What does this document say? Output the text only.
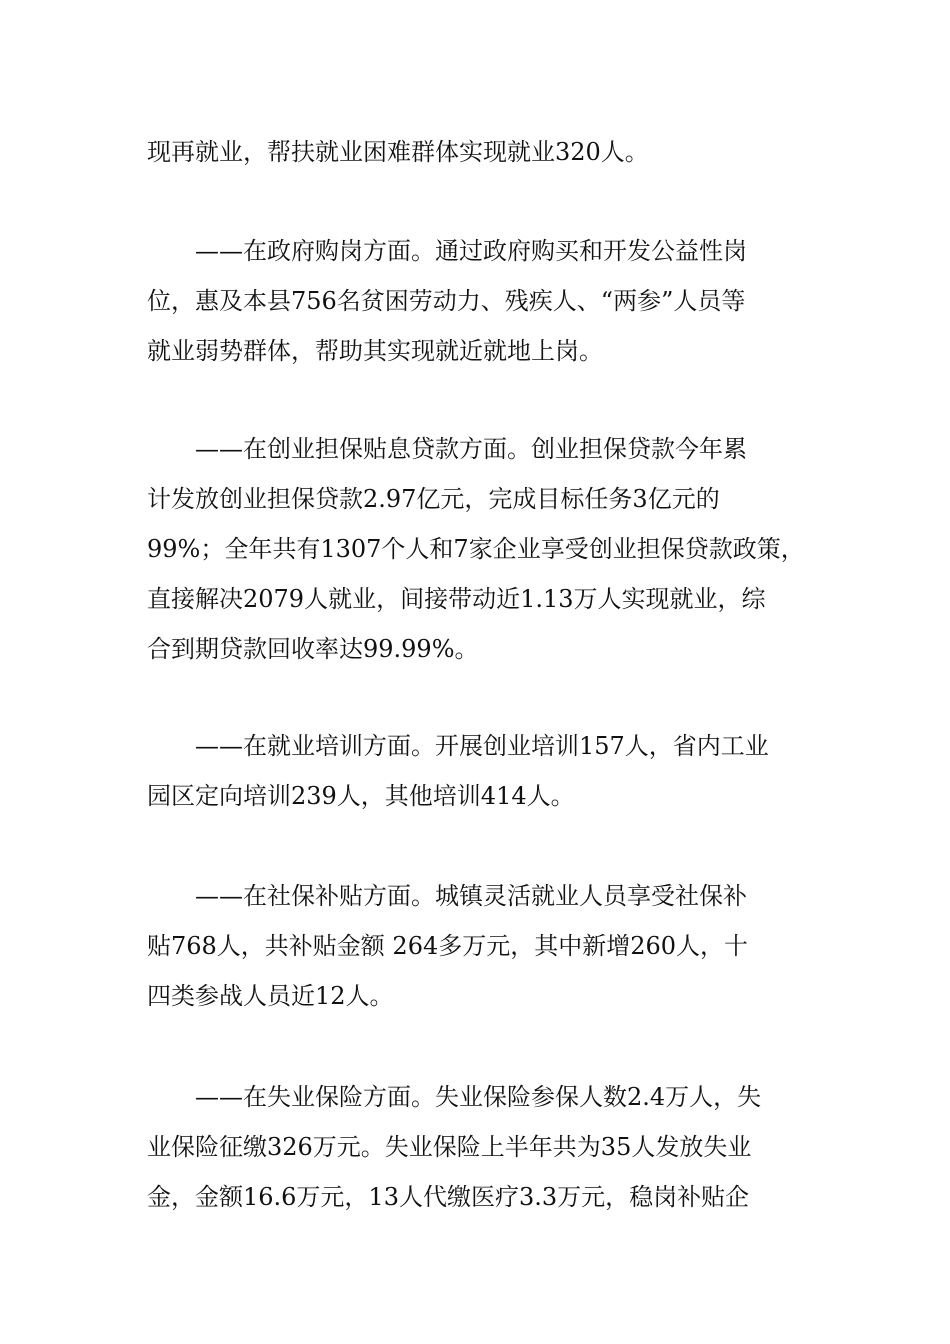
现再就业，帮扶就业困难群体实现就业320人。

——在政府购岗方面。通过政府购买和开发公益性岗
位，惠及本县756名贫困劳动力、残疾人、“两参”人员等
就业弱势群体，帮助其实现就近就地上岗。

——在创业担保贴息贷款方面。创业担保贷款今年累
计发放创业担保贷款2.97亿元，完成目标任务3亿元的
99%；全年共有1307个人和7家企业享受创业担保贷款政策，
直接解决2079人就业，间接带动近1.13万人实现就业，综
合到期贷款回收率达99.99%。

——在就业培训方面。开展创业培训157人，省内工业
园区定向培训239人，其他培训414人。

——在社保补贴方面。城镇灵活就业人员享受社保补
贴768人，共补贴金额 264多万元，其中新增260人，十
四类参战人员近12人。

——在失业保险方面。失业保险参保人数2.4万人，失
业保险征缴326万元。失业保险上半年共为35人发放失业
金，金额16.6万元，13人代缴医疗3.3万元，稳岗补贴企
